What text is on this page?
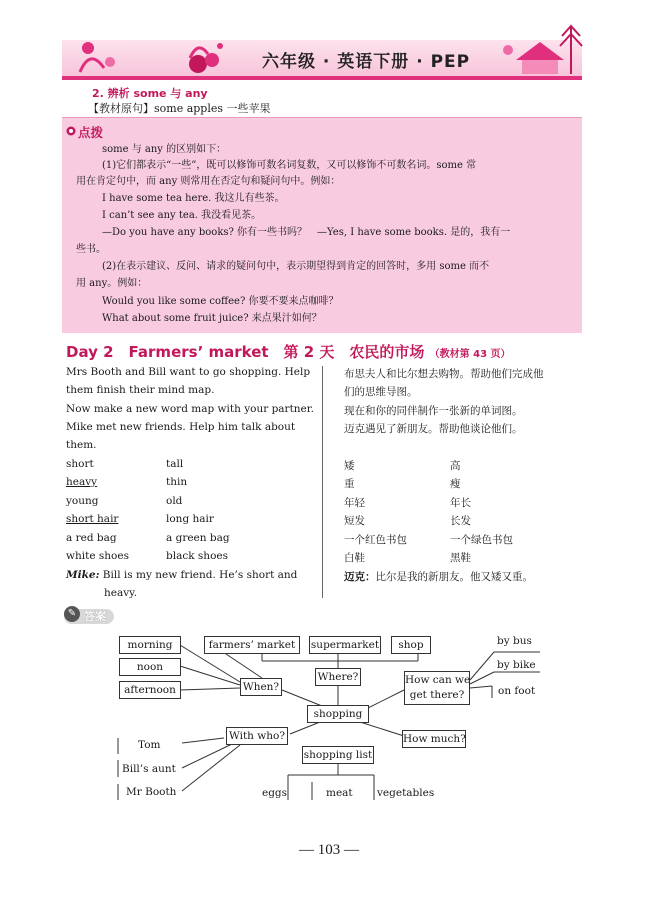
六年级 · 英语下册 · PEP
2. 辨析 some 与 any
【教材原句】some apples 一些苹果
点拨
some 与 any 的区别如下：
(1)它们都表示“一些”，既可以修饰可数名词复数，又可以修饰不可数名词。some 常
用在肯定句中，而 any 则常用在否定句和疑问句中。例如：
I have some tea here. 我这儿有些茶。
I can’t see any tea. 我没看见茶。
—Do you have any books? 你有一些书吗？　—Yes, I have some books. 是的，我有一
些书。
(2)在表示建议、反问、请求的疑问句中，表示期望得到肯定的回答时，多用 some 而不
用 any。例如：
Would you like some coffee? 你要不要来点咖啡？
What about some fruit juice? 来点果汁如何？
Day 2　Farmers’ market　第 2 天　农民的市场 （教材第 43 页）
Mrs Booth and Bill want to go shopping. Help
them finish their mind map.
Now make a new word map with your partner.
Mike met new friends. Help him talk about
them.
short	tall
heavy	thin
young	old
short hair	long hair
a red bag	a green bag
white shoes	black shoes
Mike: Bill is my new friend. He’s short and
heavy.
布思夫人和比尔想去购物。帮助他们完成他
们的思维导图。
现在和你的同伴制作一张新的单词图。
迈克遇见了新朋友。帮助他谈论他们。
矮	高
重	瘦
年轻	年长
短发	长发
一个红色书包	一个绿色书包
白鞋	黑鞋
迈克：比尔是我的新朋友。他又矮又重。
✎ 答案
morning
noon
afternoon
farmers’ market	supermarket	shop
When?
Where?
shopping
How can we
get there?
How much?
by bus
by bike
on foot
With who?
shopping list
Tom
Bill’s aunt
Mr Booth	eggs	meat vegetables
— 103 —
